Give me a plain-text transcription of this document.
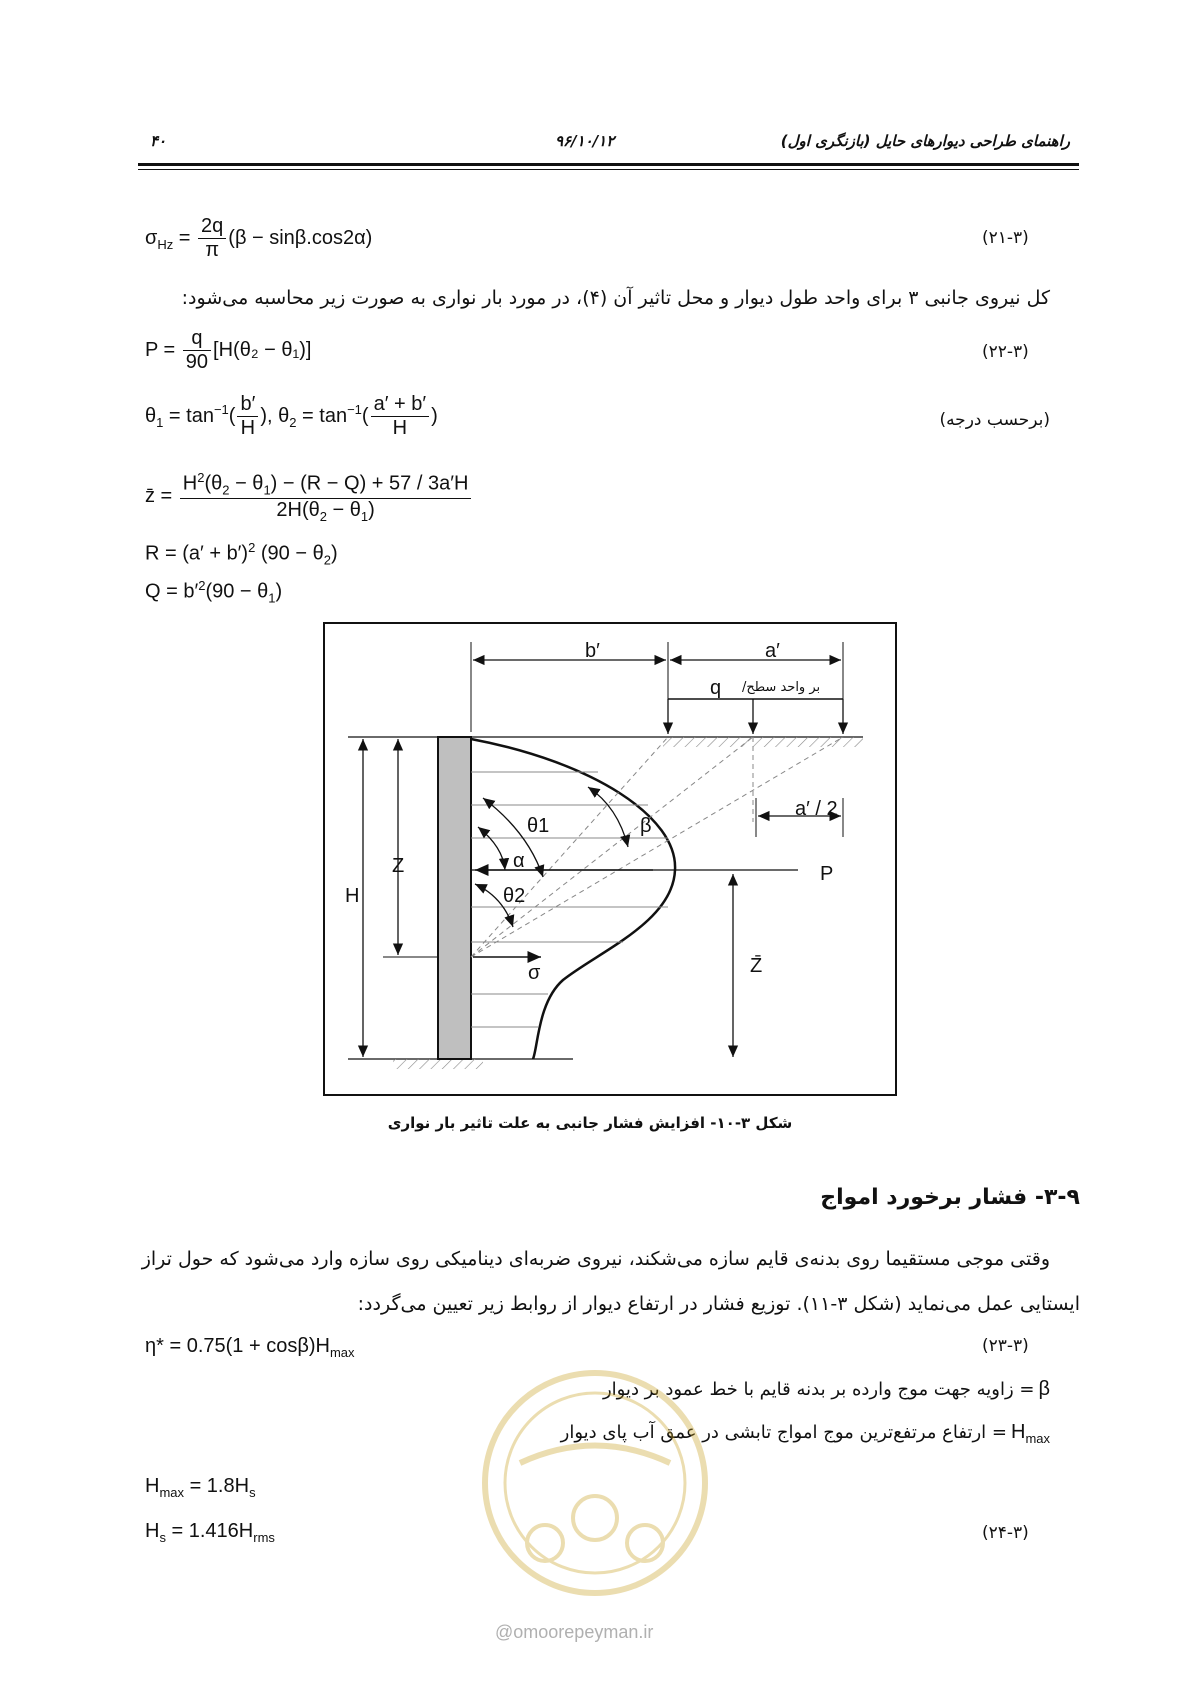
۴۰	۹۶/۱۰/۱۲	راهنمای طراحی دیوارهای حایل (بازنگری اول)
$\sigma_{Hz} = \frac{2q}{\pi} (\beta - \sin\beta.\cos 2\alpha)$	(۲۱-۳)
کل نیروی جانبی ۳ برای واحد طول دیوار و محل تاثیر آن (۴)، در مورد بار نواری به صورت زیر محاسبه می‌شود:
$P = \frac{q}{90} [H(\theta_2 - \theta_1)]$	(۲۲-۳)
$\theta_1 = \tan^{-1}( \frac{b'}{H}$ ), $\theta_2 = \tan^{-1}( \frac{a' + b'}{H}$ )	(برحسب درجه)
z̄ = $\frac{H^2(\theta_2 - \theta_1) - (R - Q) + 57 / 3a'H}{2H(\theta_2 - \theta_1)}$
$R = (a' + b')^2$ $(90 - \theta_2)$
$Q = b'^2(90 - \theta_1)$
b′	a′
q بر واحد سطح/
a′ / 2
θ1	β
α
θ2
P
Z
H
σ	Z̄
شکل ۳-۱۰- افزایش فشار جانبی به علت تاثیر بار نواری
۳-۹- فشار برخورد امواج
وقتی موجی مستقیما روی بدنه‌ی قایم سازه می‌شکند، نیروی ضربه‌ای دینامیکی روی سازه وارد می‌شود که حول تراز
ایستایی عمل می‌نماید (شکل ۳-۱۱). توزیع فشار در ارتفاع دیوار از روابط زیر تعیین می‌گردد:
$\eta* = 0.75(1 + \cos\beta)H_{max}$	(۲۳-۳)
= زاویه جهت موج وارده بر بدنه قایم با خط عمود بر دیوار β
= ارتفاع مرتفع‌ترین موج امواج تابشی در عمق آب پای دیوار $H_{max}$
$H_{max} = 1.8H_s$
$H_s = 1.416H_{rms}$	(۲۴-۳)
@omoorepeyman.ir
